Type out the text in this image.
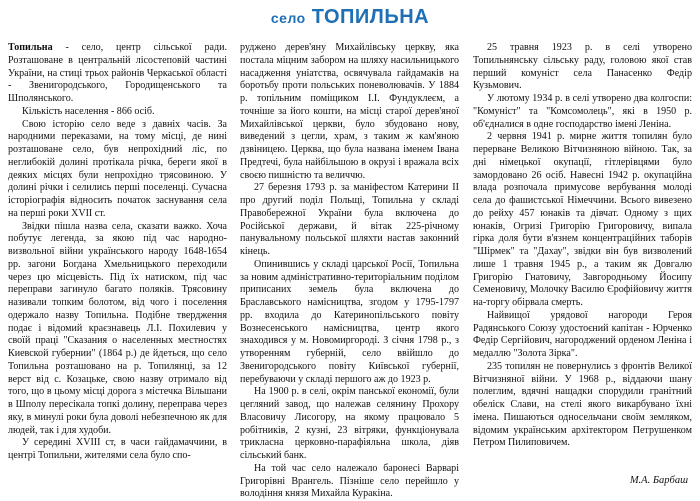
село ТОПИЛЬНА

Топильна - село, центр сільської ради. Розташоване в центральній лісостеповій частині України, на стиці трьох районів Черкаської області - Звенигородського, Городищенського та Шполянського.

Кількість населення - 866 осіб.

Свою історію село веде з давніх часів. За народними переказами, на тому місці, де нині розташоване село, був непрохідний ліс, по неглибокій долині протікала річка, береги якої в деяких місцях були непрохідно трясовиною. У долині річки і селились перші поселенці. Сучасна історіографія відносить початок заснування села на перші роки XVII ст.

Звідки пішла назва села, сказати важко. Хоча побутує легенда, за якою під час народно-визвольної війни українського народу 1648-1654 рр. загони Богдана Хмельницького переходили через цю місцевість. Під їх натиском, під час переправи загинуло багато поляків. Трясовину називали топким болотом, від чого і поселення одержало назву Топильна. Подібне твердження подає і відомий краєзнавець Л.І. Похилевич у своїй праці "Сказания о населенных местностях Киевской губернии" (1864 р.) де йдеться, що село Топильна розташовано на р. Топилянці, за 12 верст від с. Козацьке, свою назву отримало від того, що в цьому місці дорога з містечка Вільшани в Шполу пересікала топкі долину, переправа через яку, в минулі роки була доволі небезпечною як для людей, так і для худоби.

У середині XVIII ст, в часи гайдамаччини, в центрі Топильни, жителями села було спо-

руджено дерев'яну Михайлівську церкву, яка постала міцним забором на шляху насильницького насадження уніатства, освячувала гайдамаків на боротьбу проти польських поневолювачів. У 1884 р. топільним поміщиком І.І. Фундуклеєм, а точніше за його кошти, на місці старої дерев'яної Михайлівської церкви, було збудовано нову, виведений з цегли, храм, з таким ж кам'яною дзвіницею. Церква, що була названа іменем Івана Предтечі, була найбільшою в окрузі і вражала всіх своєю пишністю та величчю.

27 березня 1793 р. за маніфестом Катерини ІІ про другий поділ Польщі, Топильна у складі Правобережної України була включена до Російської держави, й вітак 225-річному панувальному польської шляхти настав законний кінець.

Опинившись у складі царської Росії, Топильна за новим адміністративно-територіальним поділом приписаних земель була включена до Браславського намісництва, згодом у 1795-1797 рр. входила до Катеринопільського повіту Вознесенського намісництва, центр якого знаходився у м. Новомиргороді. З січня 1798 р., з утворенням губерній, село ввійшло до Звенигородського повіту Київської губернії, перебуваючи у складі першого аж до 1923 р.

На 1900 р. в селі, окрім панської економії, були цегляний завод, що належав селянину Прохору Власовичу Лисогору, на якому працювало 5 робітників, 2 кузні, 23 вітряки, функціонувала трикласна церковно-парафіяльна школа, діяв сільський банк.

На той час село належало баронесі Варварі Григорівні Врангель. Пізніше село перейшло у володіння князя Михайла Куракіна.

25 травня 1923 р. в селі утворено Топильнянську сільську раду, головою якої став перший комуніст села Панасенко Федір Кузьмович.

У лютому 1934 р. в селі утворено два колгоспи: "Комуніст" та "Комсомолець", які в 1950 р. об'єдналися в одне господарство імені Леніна.

2 червня 1941 р. мирне життя топилян було перерване Великою Вітчизняною війною. Так, за дні німецької окупації, гітлерівцями було замордовано 26 осіб. Навесні 1942 р. окупаційна влада розпочала примусове вербування молоді села до фашистської Німеччини. Всього вивезено до рейху 457 юнаків та дівчат. Одному з щих юнаків, Огризі Григорію Григоровичу, випала гірка доля бути в'язнем концентраційних таборів "Шірмек" та "Дахау", звідки він був визволений лише 1 травня 1945 р., а таким як Довгалю Григорію Гнатовичу, Завгородньому Йосипу Семеновичу, Молочку Василю Єрофійовичу життя на-торгу обірвала смерть.

Найвищої урядової нагороди Героя Радянського Союзу удостоєний капітан - Юрченко Федір Сергійович, нагороджений орденом Леніна і медаллю "Золота Зірка".

235 топилян не повернулись з фронтів Великої Вітчизняної війни. У 1968 р., віддаючи шану полеглим, вдячні нащадки спорудили гранітний обеліск Слави, на стелі якого викарбувано їхні імена. Пишаються односельчани своїм земляком, відомим українським архітектором Петрушенком Петром Пилиповичем.

М.А. Барбаш
